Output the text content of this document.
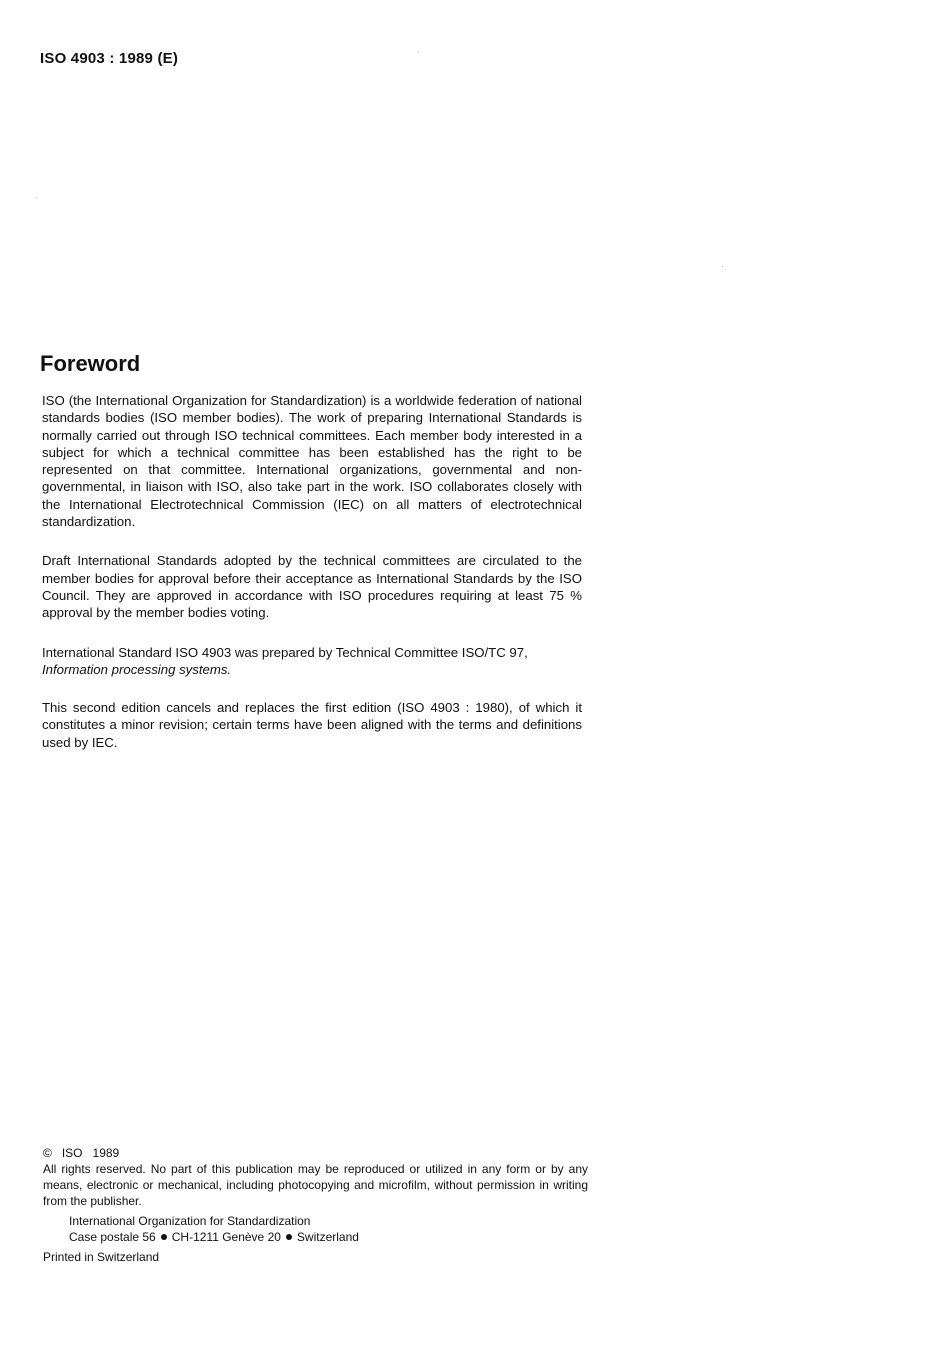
ISO 4903 : 1989 (E)
Foreword

ISO (the International Organization for Standardization) is a worldwide federation of national standards bodies (ISO member bodies). The work of preparing International Standards is normally carried out through ISO technical committees. Each member body interested in a subject for which a technical committee has been established has the right to be represented on that committee. International organizations, governmental and non-governmental, in liaison with ISO, also take part in the work. ISO collaborates closely with the International Electrotechnical Commission (IEC) on all matters of electrotechnical standardization.

Draft International Standards adopted by the technical committees are circulated to the member bodies for approval before their acceptance as International Standards by the ISO Council. They are approved in accordance with ISO procedures requiring at least 75 % approval by the member bodies voting.

International Standard ISO 4903 was prepared by Technical Committee ISO/TC 97,
Information processing systems.

This second edition cancels and replaces the first edition (ISO 4903 : 1980), of which it constitutes a minor revision; certain terms have been aligned with the terms and definitions used by IEC.

© ISO 1989

All rights reserved. No part of this publication may be reproduced or utilized in any form or by any means, electronic or mechanical, including photocopying and microfilm, without permission in writing from the publisher.

International Organization for Standardization
Case postale 56 CH-1211 Genève 20 Switzerland
Printed in Switzerland
